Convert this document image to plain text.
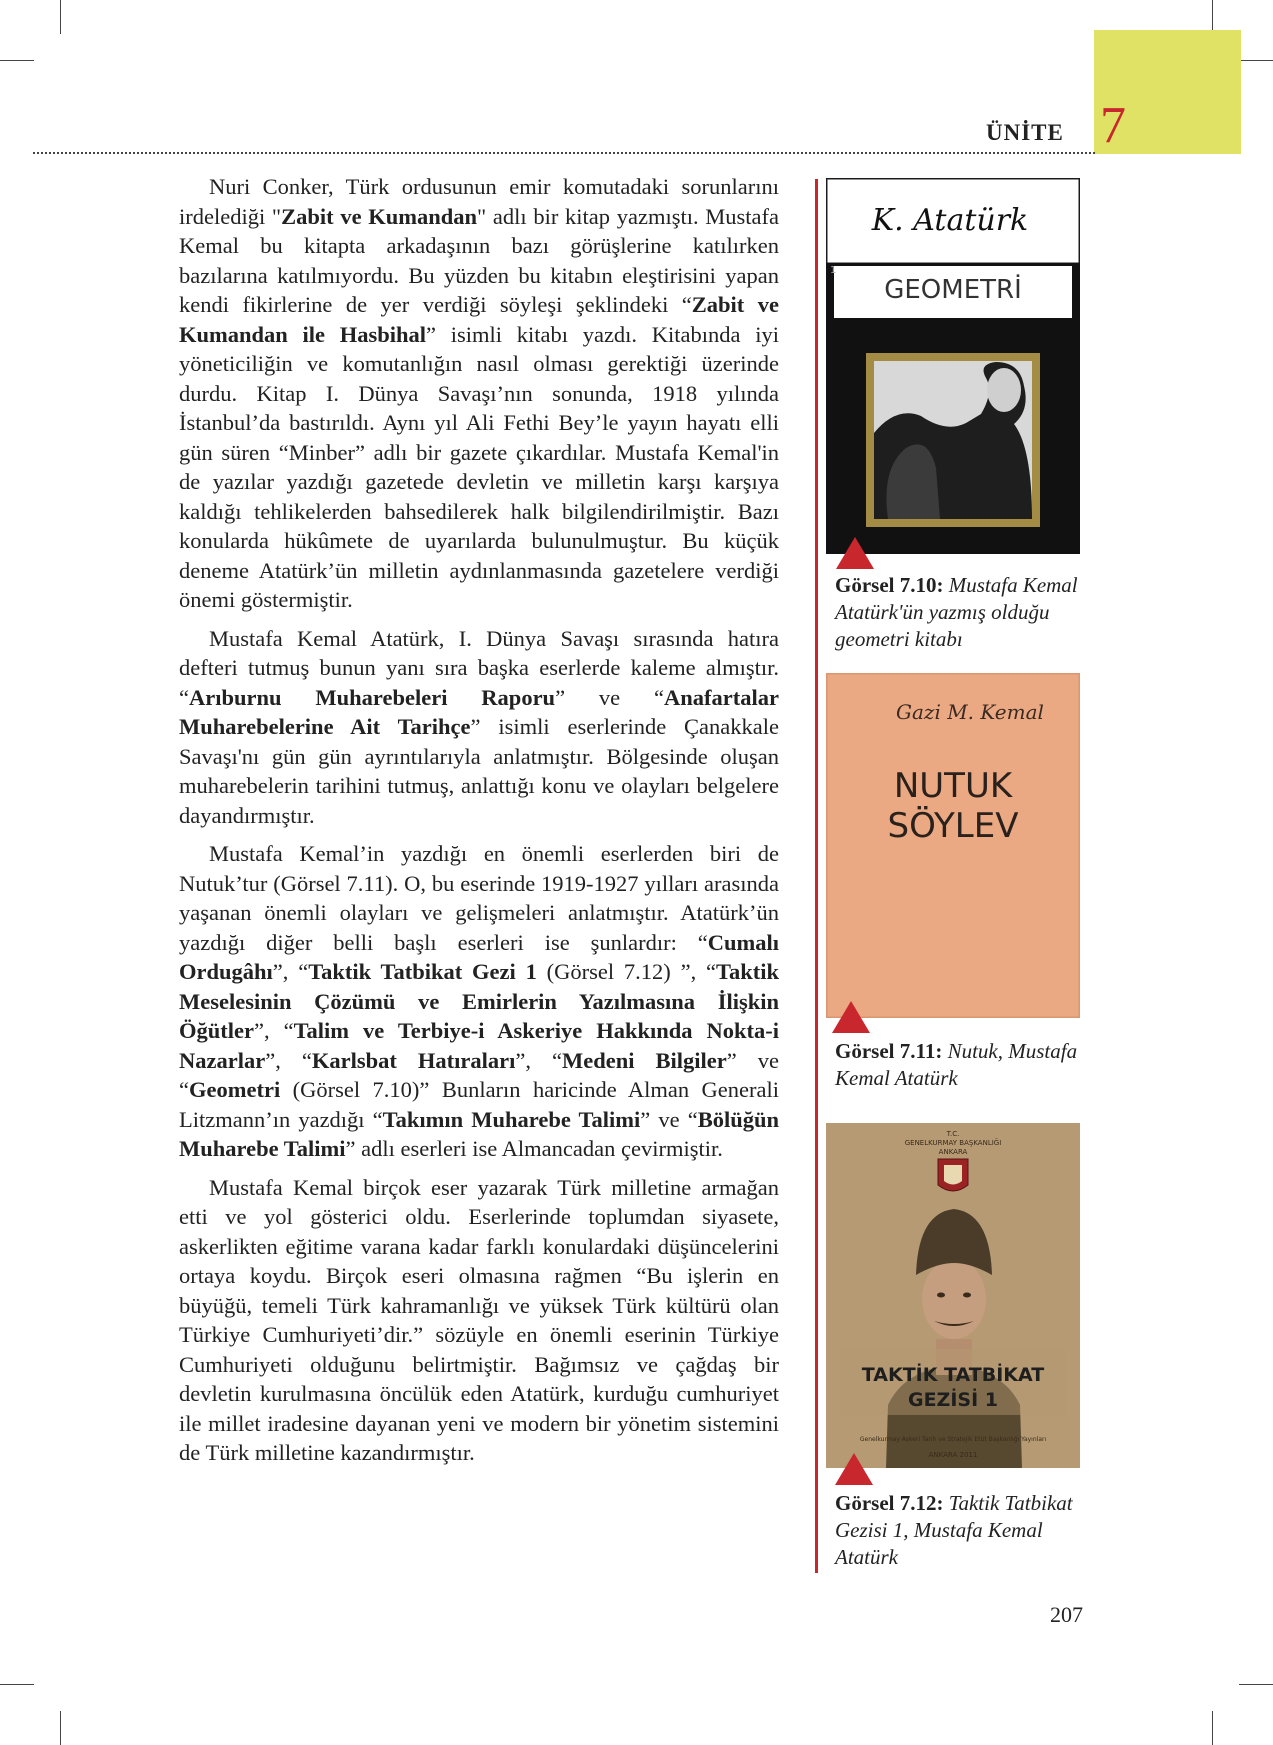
ÜNİTE 7

Nuri Conker, Türk ordusunun emir komutadaki sorunlarını irdelediği "Zabit ve Kumandan" adlı bir kitap yazmıştı. Mustafa Kemal bu kitapta arkadaşının bazı görüşlerine katılırken bazılarına katılmıyordu. Bu yüzden bu kitabın eleştirisini yapan kendi fikirlerine de yer verdiği söyleşi şeklindeki “Zabit ve Kumandan ile Hasbihal” isimli kitabı yazdı. Kitabında iyi yöneticiliğin ve komutanlığın nasıl olması gerektiği üzerinde durdu. Kitap I. Dünya Savaşı’nın sonunda, 1918 yılında İstanbul’da bastırıldı. Aynı yıl Ali Fethi Bey’le yayın hayatı elli gün süren “Minber” adlı bir gazete çıkardılar. Mustafa Kemal'in de yazılar yazdığı gazetede devletin ve milletin karşı karşıya kaldığı tehlikelerden bahsedilerek halk bilgilendirilmiştir. Bazı konularda hükûmete de uyarılarda bulunulmuştur. Bu küçük deneme Atatürk’ün milletin aydınlanmasında gazetelere verdiği önemi göstermiştir.

Mustafa Kemal Atatürk, I. Dünya Savaşı sırasında hatıra defteri tutmuş bunun yanı sıra başka eserlerde kaleme almıştır. “Arıburnu Muharebeleri Raporu” ve “Anafartalar Muharebelerine Ait Tarihçe” isimli eserlerinde Çanakkale Savaşı'nı gün gün ayrıntılarıyla anlatmıştır. Bölgesinde oluşan muharebelerin tarihini tutmuş, anlattığı konu ve olayları belgelere dayandırmıştır.

Mustafa Kemal’in yazdığı en önemli eserlerden biri de Nutuk’tur (Görsel 7.11). O, bu eserinde 1919-1927 yılları arasında yaşanan önemli olayları ve gelişmeleri anlatmıştır. Atatürk’ün yazdığı diğer belli başlı eserleri ise şunlardır: “Cumalı Ordugâhı”, “Taktik Tatbikat Gezi 1 (Görsel 7.12) ”, “Taktik Meselesinin Çözümü ve Emirlerin Yazılmasına İlişkin Öğütler”, “Talim ve Terbiye-i Askeriye Hakkında Nokta-i Nazarlar”, “Karlsbat Hatıraları”, “Medeni Bilgiler” ve “Geometri (Görsel 7.10)” Bunların haricinde Alman Generali Litzmann’ın yazdığı “Takımın Muharebe Talimi” ve “Bölüğün Muharebe Talimi” adlı eserleri ise Almancadan çevirmiştir.

Mustafa Kemal birçok eser yazarak Türk milletine armağan etti ve yol gösterici oldu. Eserlerinde toplumdan siyasete, askerlikten eğitime varana kadar farklı konulardaki düşüncelerini ortaya koydu. Birçok eseri olmasına rağmen “Bu işlerin en büyüğü, temeli Türk kahramanlığı ve yüksek Türk kültürü olan Türkiye Cumhuriyeti’dir.” sözüyle en önemli eserinin Türkiye Cumhuriyeti olduğunu belirtmiştir. Bağımsız ve çağdaş bir devletin kurulmasına öncülük eden Atatürk, kurduğu cumhuriyet ile millet iradesine dayanan yeni ve modern bir yönetim sistemini de Türk milletine kazandırmıştır.

K. Atatürk
1
GEOMETRİ
Görsel 7.10: Mustafa Kemal Atatürk'ün yazmış olduğu geometri kitabı
Gazi M. Kemal
NUTUK
SÖYLEV
Görsel 7.11: Nutuk, Mustafa Kemal Atatürk
T.C.
GENELKURMAY BAŞKANLIĞI
ANKARA
TAKTİK TATBİKAT
GEZİSİ 1
Genelkurmay Askeri Tarih ve Stratejik Etüt Başkanlığı Yayınları
ANKARA 2011
Görsel 7.12: Taktik Tatbikat Gezisi 1, Mustafa Kemal Atatürk
207
